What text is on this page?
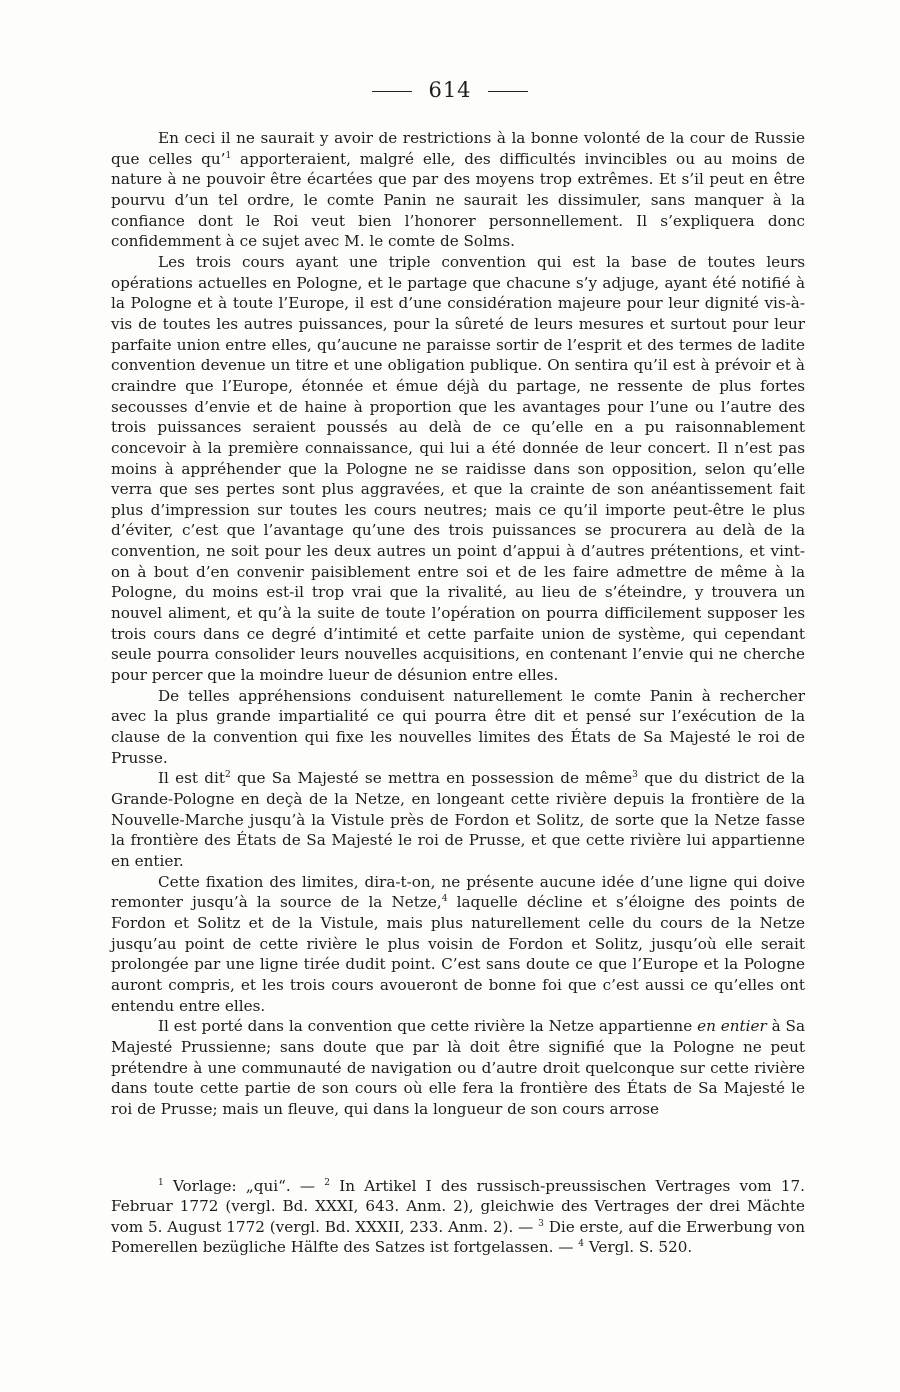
614

En ceci il ne saurait y avoir de restrictions à la bonne volonté de la cour de Russie que celles qu’$^1$ apporteraient, malgré elle, des difficultés invincibles ou au moins de nature à ne pouvoir être écartées que par des moyens trop extrêmes. Et s’il peut en être pourvu d’un tel ordre, le comte Panin ne saurait les dissimuler, sans manquer à la confiance dont le Roi veut bien l’honorer personnellement. Il s’expliquera donc confidemment à ce sujet avec M. le comte de Solms.

Les trois cours ayant une triple convention qui est la base de toutes leurs opérations actuelles en Pologne, et le partage que chacune s’y adjuge, ayant été notifié à la Pologne et à toute l’Europe, il est d’une considération majeure pour leur dignité vis-à-vis de toutes les autres puissances, pour la sûreté de leurs mesures et surtout pour leur parfaite union entre elles, qu’aucune ne paraisse sortir de l’esprit et des termes de ladite convention devenue un titre et une obligation publique. On sentira qu’il est à prévoir et à craindre que l’Europe, étonnée et émue déjà du partage, ne ressente de plus fortes secousses d’envie et de haine à proportion que les avantages pour l’une ou l’autre des trois puissances seraient poussés au delà de ce qu’elle en a pu raisonnablement concevoir à la première connaissance, qui lui a été donnée de leur concert. Il n’est pas moins à appréhender que la Pologne ne se raidisse dans son opposition, selon qu’elle verra que ses pertes sont plus aggravées, et que la crainte de son anéantissement fait plus d’impression sur toutes les cours neutres; mais ce qu’il importe peut-être le plus d’éviter, c’est que l’avantage qu’une des trois puissances se procurera au delà de la convention, ne soit pour les deux autres un point d’appui à d’autres prétentions, et vint-on à bout d’en convenir paisiblement entre soi et de les faire admettre de même à la Pologne, du moins est-il trop vrai que la rivalité, au lieu de s’éteindre, y trouvera un nouvel aliment, et qu’à la suite de toute l’opération on pourra difficilement supposer les trois cours dans ce degré d’intimité et cette parfaite union de système, qui cependant seule pourra consolider leurs nouvelles acquisitions, en contenant l’envie qui ne cherche pour percer que la moindre lueur de désunion entre elles.

De telles appréhensions conduisent naturellement le comte Panin à rechercher avec la plus grande impartialité ce qui pourra être dit et pensé sur l’exécution de la clause de la convention qui fixe les nouvelles limites des États de Sa Majesté le roi de Prusse.

Il est dit$^2$ que Sa Majesté se mettra en possession de même$^3$ que du district de la Grande-Pologne en deçà de la Netze, en longeant cette rivière depuis la frontière de la Nouvelle-Marche jusqu’à la Vistule près de Fordon et Solitz, de sorte que la Netze fasse la frontière des États de Sa Majesté le roi de Prusse, et que cette rivière lui appartienne en entier.

Cette fixation des limites, dira-t-on, ne présente aucune idée d’une ligne qui doive remonter jusqu’à la source de la Netze,$^4$ laquelle décline et s’éloigne des points de Fordon et Solitz et de la Vistule, mais plus naturellement celle du cours de la Netze jusqu’au point de cette rivière le plus voisin de Fordon et Solitz, jusqu’où elle serait prolongée par une ligne tirée dudit point. C’est sans doute ce que l’Europe et la Pologne auront compris, et les trois cours avoueront de bonne foi que c’est aussi ce qu’elles ont entendu entre elles.

Il est porté dans la convention que cette rivière la Netze appartienne en entier à Sa Majesté Prussienne; sans doute que par là doit être signifié que la Pologne ne peut prétendre à une communauté de navigation ou d’autre droit quelconque sur cette rivière dans toute cette partie de son cours où elle fera la frontière des États de Sa Majesté le roi de Prusse; mais un fleuve, qui dans la longueur de son cours arrose

$^1$ Vorlage: „qui“. — $^2$ In Artikel I des russisch-preussischen Vertrages vom 17. Februar 1772 (vergl. Bd. XXXI, 643. Anm. 2), gleichwie des Vertrages der drei Mächte vom 5. August 1772 (vergl. Bd. XXXII, 233. Anm. 2). — $^3$ Die erste, auf die Erwerbung von Pomerellen bezügliche Hälfte des Satzes ist fortgelassen. — $^4$ Vergl. S. 520.
